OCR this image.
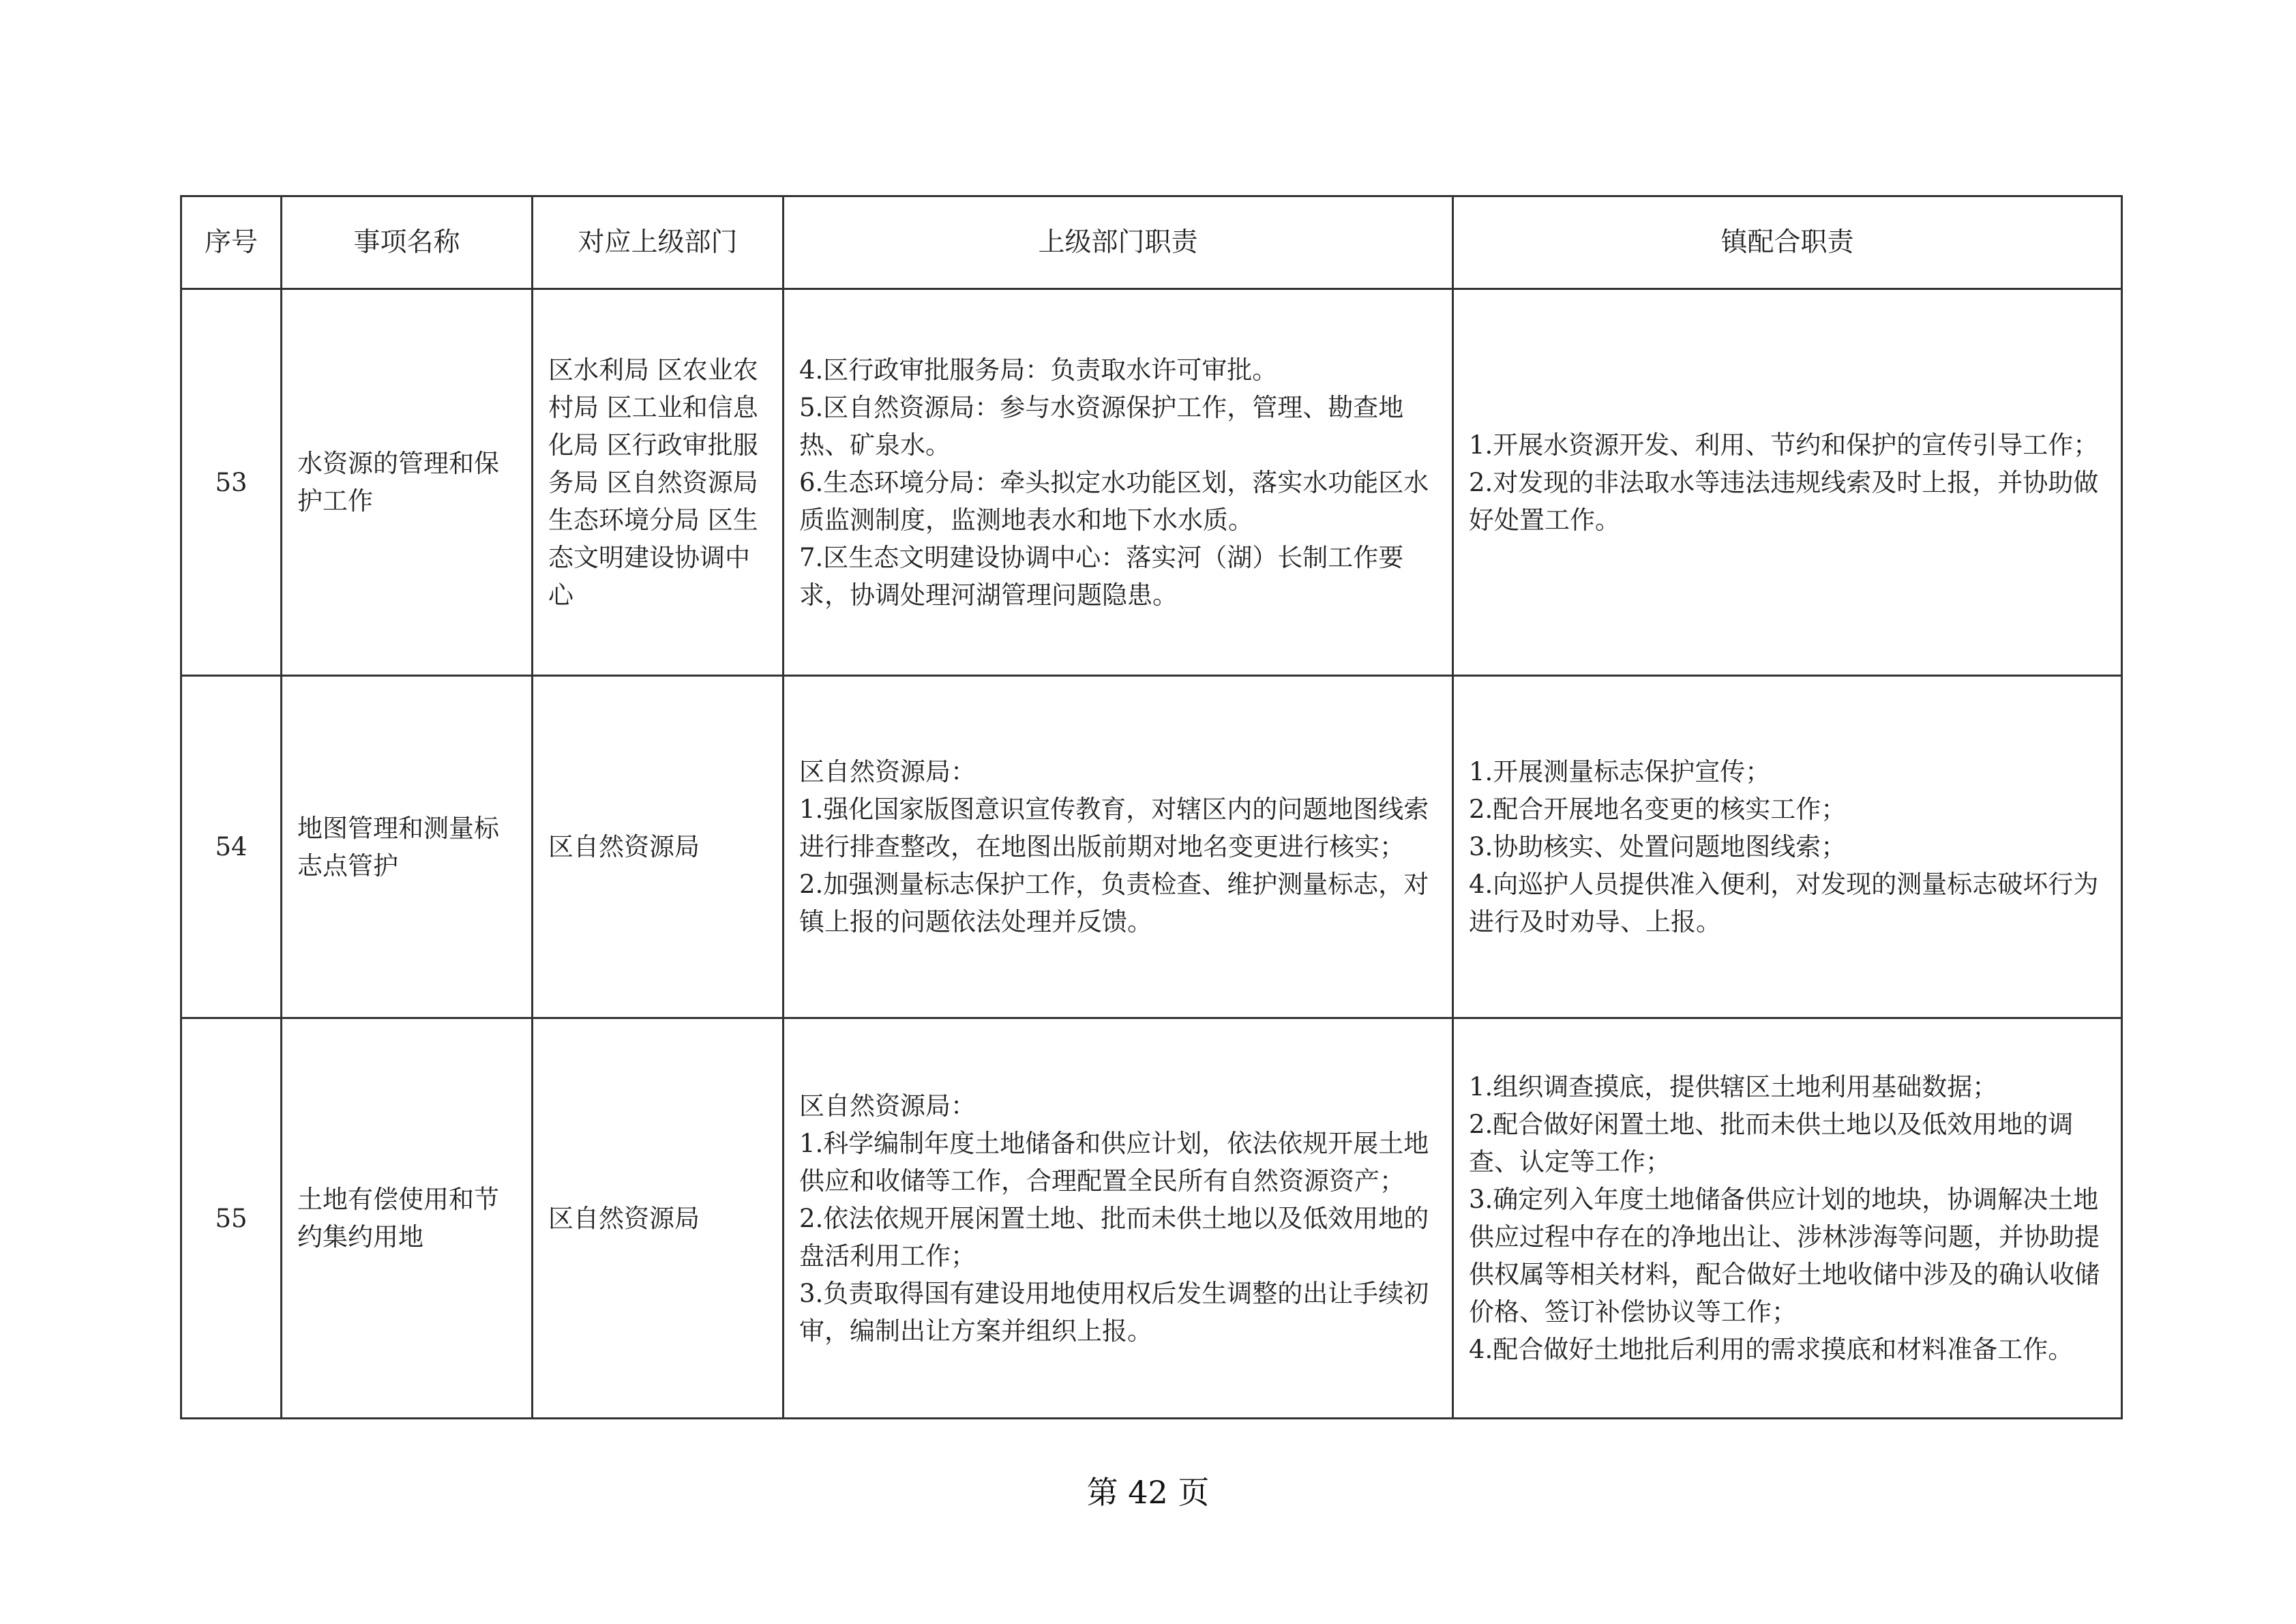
序号	事项名称	对应上级部门	上级部门职责	镇配合职责
53	水资源的管理和保护工作	区水利局 区农业农村局 区工业和信息化局 区行政审批服务局 区自然资源局 生态环境分局 区生态文明建设协调中心	4.区行政审批服务局：负责取水许可审批。
5.区自然资源局：参与水资源保护工作，管理、勘查地热、矿泉水。
6.生态环境分局：牵头拟定水功能区划，落实水功能区水质监测制度，监测地表水和地下水水质。
7.区生态文明建设协调中心：落实河（湖）长制工作要求，协调处理河湖管理问题隐患。	1.开展水资源开发、利用、节约和保护的宣传引导工作；
2.对发现的非法取水等违法违规线索及时上报，并协助做好处置工作。

54	地图管理和测量标志点管护	区自然资源局	区自然资源局：
1.强化国家版图意识宣传教育，对辖区内的问题地图线索进行排查整改，在地图出版前期对地名变更进行核实；
2.加强测量标志保护工作，负责检查、维护测量标志，对镇上报的问题依法处理并反馈。	1.开展测量标志保护宣传；
2.配合开展地名变更的核实工作；
3.协助核实、处置问题地图线索；
4.向巡护人员提供准入便利，对发现的测量标志破坏行为进行及时劝导、上报。

55	土地有偿使用和节约集约用地	区自然资源局	区自然资源局：
1.科学编制年度土地储备和供应计划，依法依规开展土地供应和收储等工作，合理配置全民所有自然资源资产；
2.依法依规开展闲置土地、批而未供土地以及低效用地的盘活利用工作；
3.负责取得国有建设用地使用权后发生调整的出让手续初审，编制出让方案并组织上报。	1.组织调查摸底，提供辖区土地利用基础数据；
2.配合做好闲置土地、批而未供土地以及低效用地的调查、认定等工作；
3.确定列入年度土地储备供应计划的地块，协调解决土地供应过程中存在的净地出让、涉林涉海等问题，并协助提供权属等相关材料，配合做好土地收储中涉及的确认收储价格、签订补偿协议等工作；
4.配合做好土地批后利用的需求摸底和材料准备工作。
第 42 页
